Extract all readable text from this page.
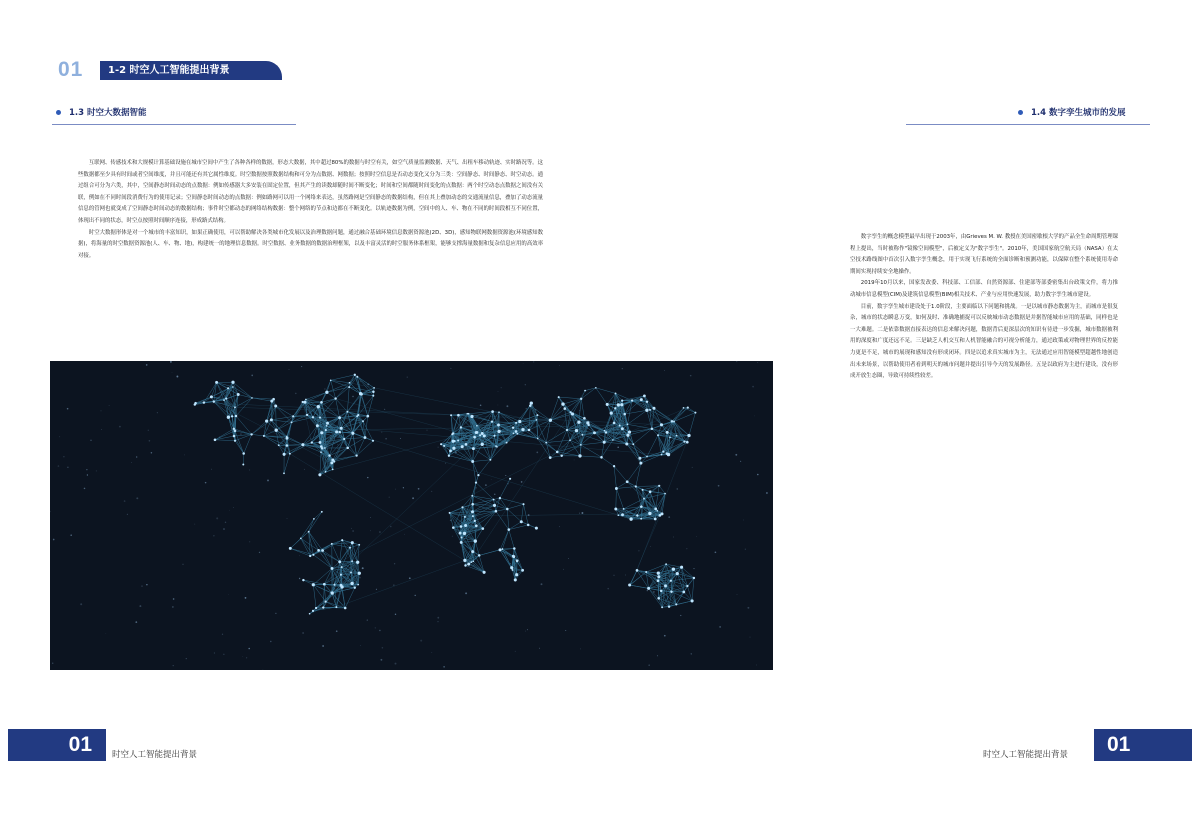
01	1-2 时空人工智能提出背景
1.3 时空大数据智能	1.4 数字孪生城市的发展

互联网、传感技术和大规模计算基础设施在城市空间中产生了各种各样的数据，形态大数据，其中超过80%的数据与时空有关，如空气质量监测数据、天气、出租车移动轨迹、实时路况等。这些数据都至少具有时间或者空间维度，并且可能还有其它属性维度。时空数据按照数据结构和可分为点数据、网数据；按照时空信息是否动态变化又分为三类：空间静态、时间静态、时空动态。通过组合可分为六类，其中，空间静态时间动态的点数据：例如传感器大多安装在固定位置，但其产生的读数却随时间不断变化；时间和空间都随时间变化的点数据：两个时空动态点数据之间没有关联，例如在不同时间段消费行为的使用记录；空间静态时间动态的点数据：例如路网可以用一个网络来表达，虽然路网是空间静态的数据结构，但在其上叠加动态的交通流量信息，叠加了动态流量信息的管网也就变成了空间静态时间动态的数据结构；事件时空都动态的网络结构数据：整个网络的节点和边都在不断变化。以轨迹数据为例，空间中的人、车、物在不同的时间段相互不同位置，体现出不同的状态，时空点按照时间顺序连接，形成路式结构。

时空大数据形体是对一个城市的丰富知识，如果正确使用，可以帮助解决各类城市化发展以及治理数据问题，通过融合基础环境信息数据资源池(2D、3D)，感知物联网数据资源池(环境感知数据)，将海量的时空数据资源池(人、车、物、地)，构建统一的地理信息数据。时空数据、业务数据的数据治理框架，以及丰富灵活的时空服务体系框架，能够支撑海量数据和复杂信息应用的高效率对接。

数字孪生的概念模型最早出现于2003年，由Grieves M. W. 教授在美国密歇根大学的产品全生命周期管理课程上提出，当时被称作"镜像空间模型"，后被定义为"数字孪生"。2010年，美国国家航空航天局（NASA）在太空技术路线图中首次引入数字孪生概念，用于实现飞行系统的全面诊断和预测功能，以保障在整个系统使用寿命期间实现持续安全地操作。

2019年10月以来，国家发改委、科技部、工信部、自然资源部、住建部等部委密集出台政策文件，将力推动城市信息模型(CIM)及建筑信息模型(BIM)相关技术、产业与应用快速发展，助力数字孪生城市建设。

目前，数字孪生城市建设处于1.0阶段，主要面临以下问题和挑战。一是以城市静态数据为主，而城市是很复杂，城市的状态瞬息万变，如何及时、准确地捕捉可以反映城市动态数据是并据智能城市应用的基础，同样也是一大难题。二是依靠数据直接表达的信息来解决问题，数据背后更深层次的知识有待进一步发掘，城市数据被利用的深度和广度还远不足。三是缺乏人机交互和人机智能融合的可视分析能力，通过政策或对物理世界的反控能力更是不足，城市的展现和感知没有形成闭环。四是以追求真实城市为主，无法通过应用智能模型超越性地创造出未来场景，以帮助使用者看到明天的城市问题并提出引导今天的发展路径。五是以政府为主进行建设，没有形成开放生态圈，导致可持续性较差。

01	时空人工智能提出背景	时空人工智能提出背景	01
